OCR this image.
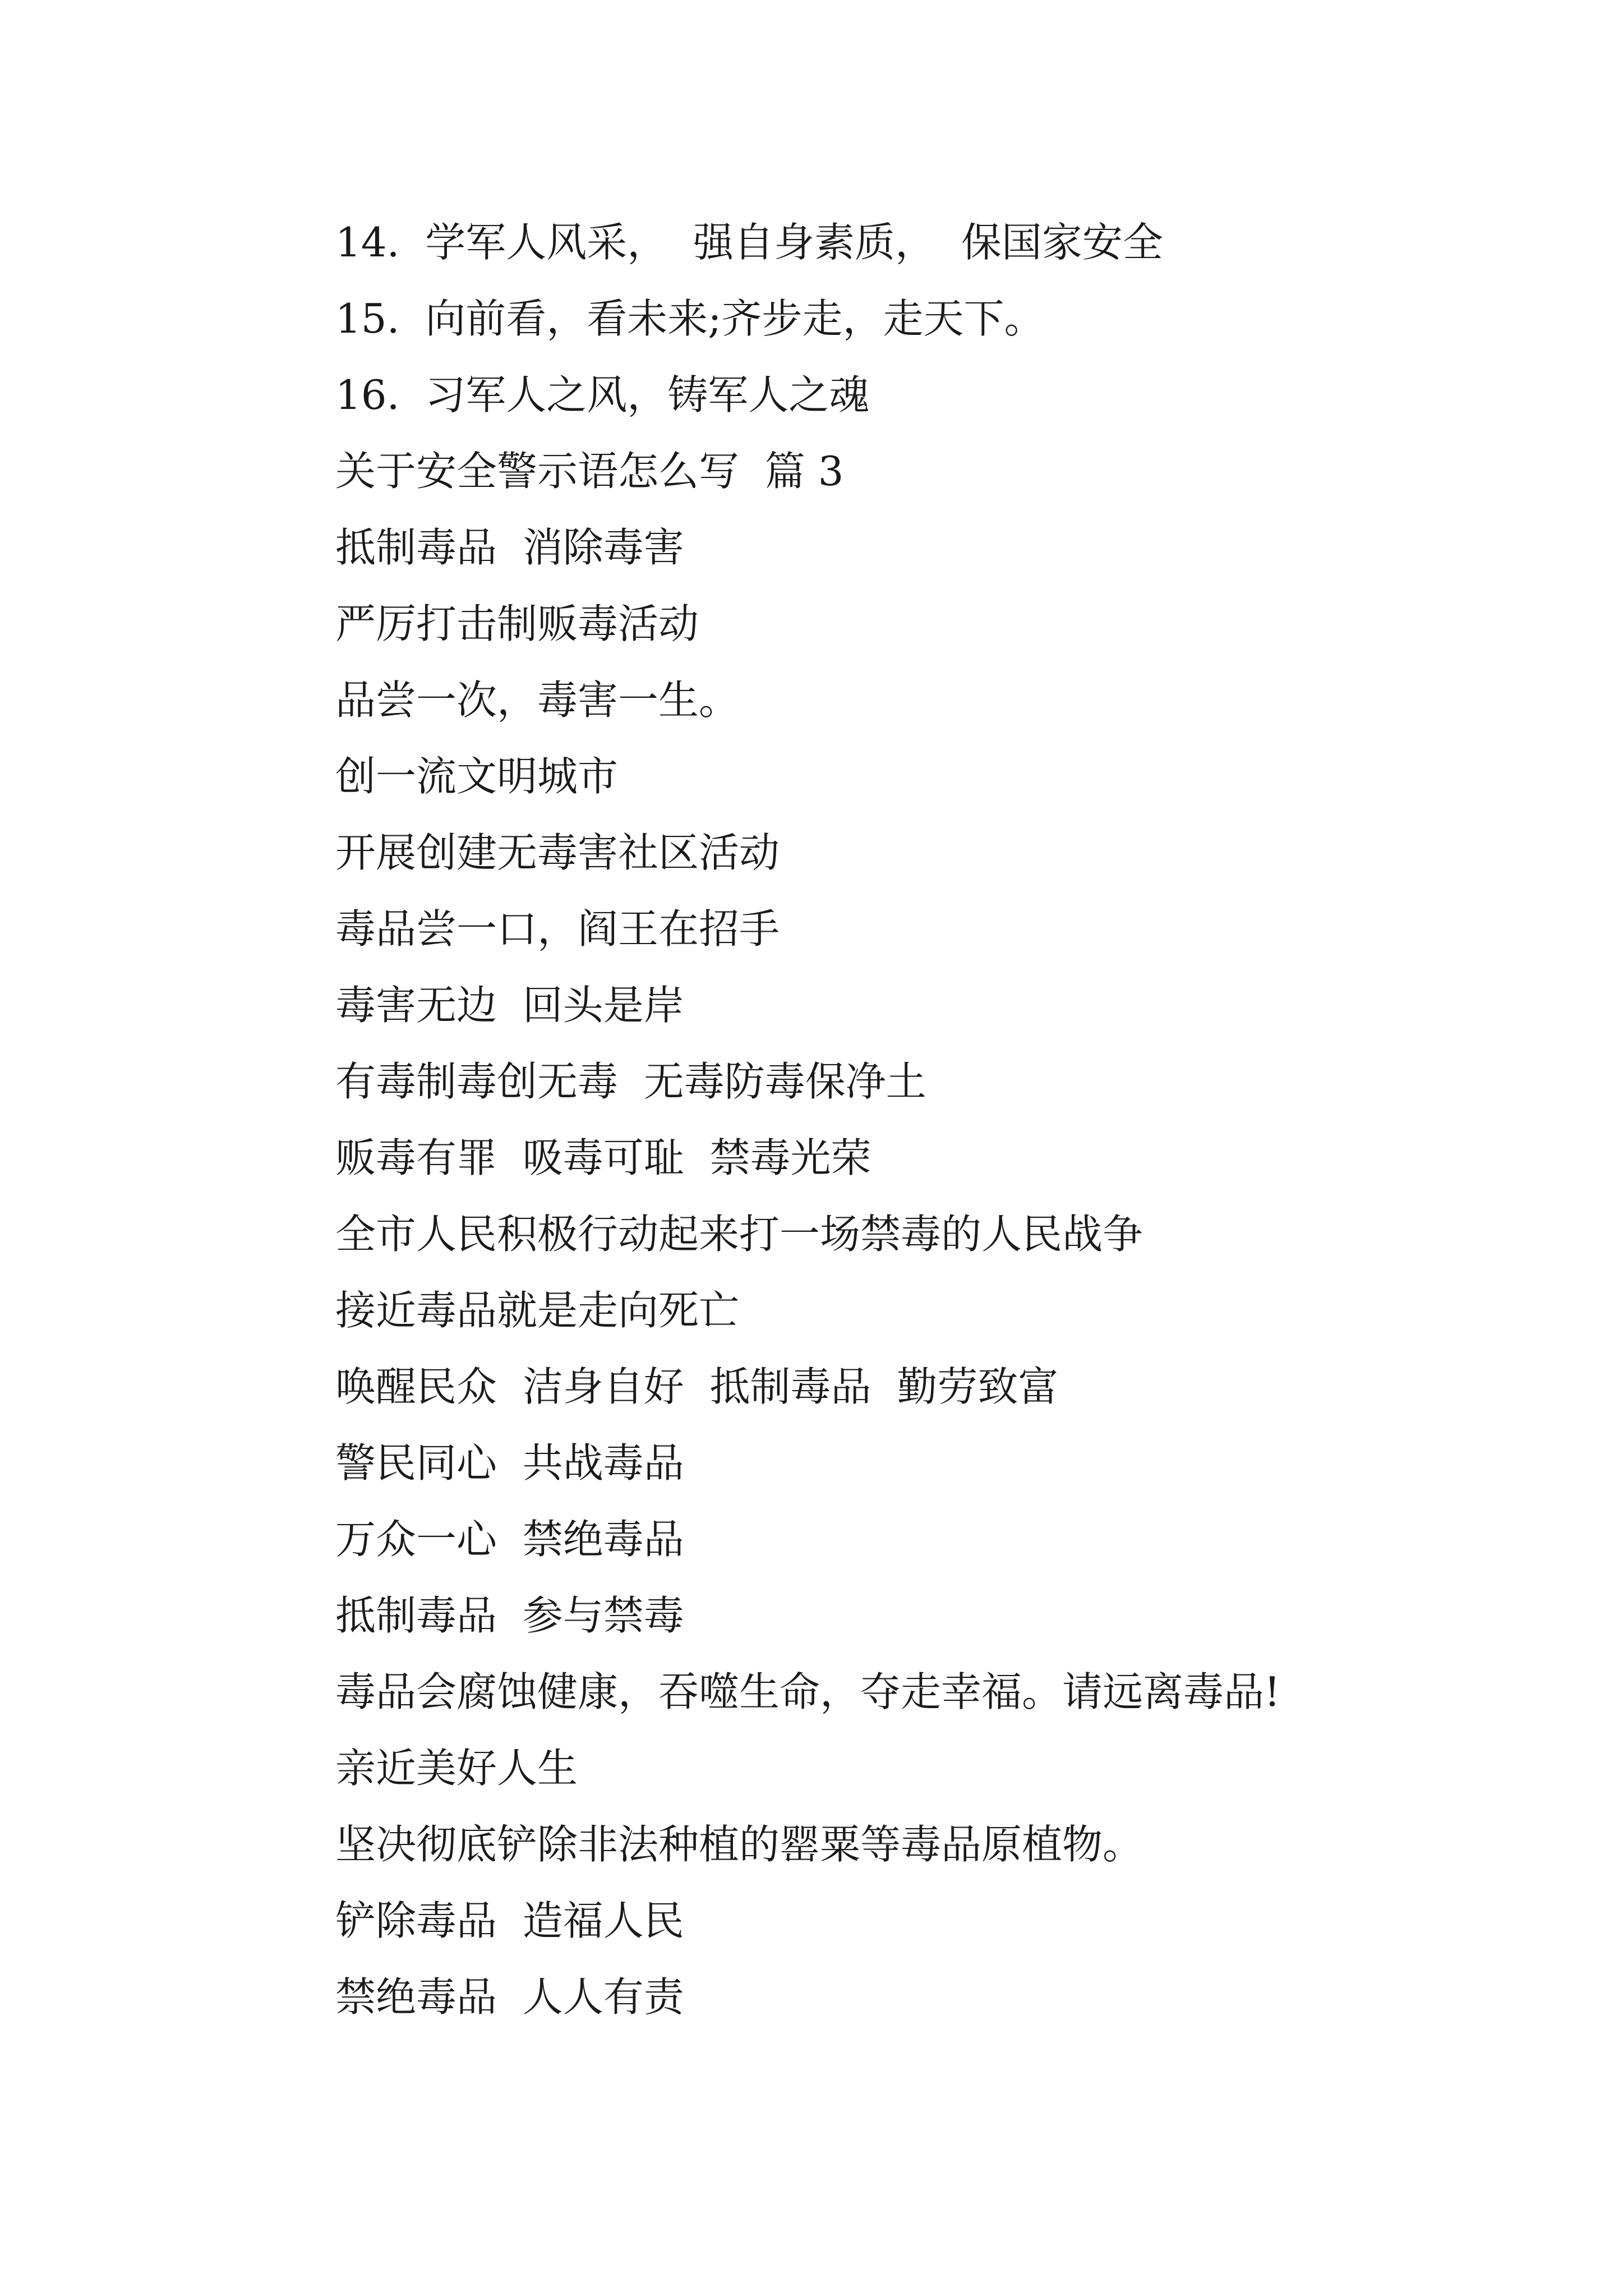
14.  学军人风采，  强自身素质，  保国家安全
15.  向前看，看未来;齐步走，走天下。
16.  习军人之风，铸军人之魂
关于安全警示语怎么写  篇 3
抵制毒品  消除毒害
严厉打击制贩毒活动
品尝一次，毒害一生。
创一流文明城市
开展创建无毒害社区活动
毒品尝一口，阎王在招手
毒害无边  回头是岸
有毒制毒创无毒  无毒防毒保净土
贩毒有罪  吸毒可耻  禁毒光荣
全市人民积极行动起来打一场禁毒的人民战争
接近毒品就是走向死亡
唤醒民众  洁身自好  抵制毒品  勤劳致富
警民同心  共战毒品
万众一心  禁绝毒品
抵制毒品  参与禁毒
毒品会腐蚀健康，吞噬生命，夺走幸福。请远离毒品!
亲近美好人生
坚决彻底铲除非法种植的罂粟等毒品原植物。
铲除毒品  造福人民
禁绝毒品  人人有责
